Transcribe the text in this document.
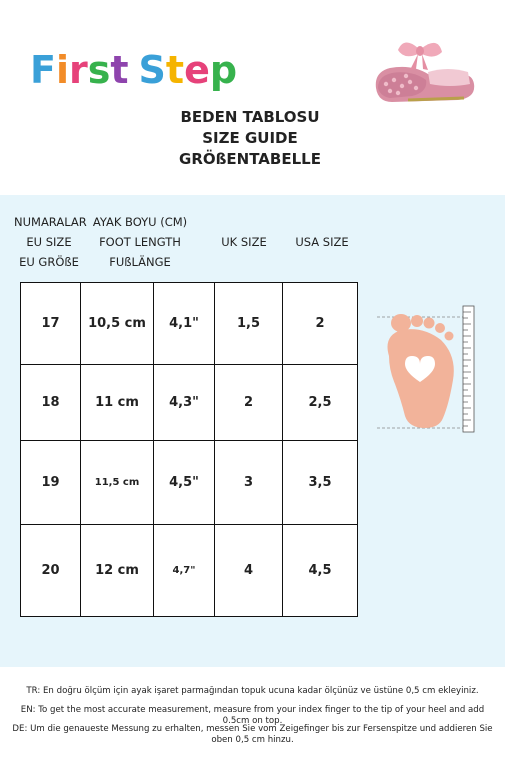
First Step
BEDEN TABLOSU
SIZE GUIDE
GRÖßENTABELLE
NUMARALAR
EU SIZE
EU GRÖßE
AYAK BOYU (CM)
FOOT LENGTH
FUßLÄNGE
UK SIZE	USA SIZE
17	10,5 cm	4,1"	1,5	2
18	11 cm	4,3"	2	2,5
19	11,5 cm	4,5"	3	3,5
20	12 cm	4,7"	4	4,5
TR: En doğru ölçüm için ayak işaret parmağından topuk ucuna kadar ölçünüz ve üstüne 0,5 cm ekleyiniz.
EN: To get the most accurate measurement, measure from your index finger to the tip of your heel and add 0.5cm on top.
DE: Um die genaueste Messung zu erhalten, messen Sie vom Zeigefinger bis zur Fersenspitze und addieren Sie oben 0,5 cm hinzu.
